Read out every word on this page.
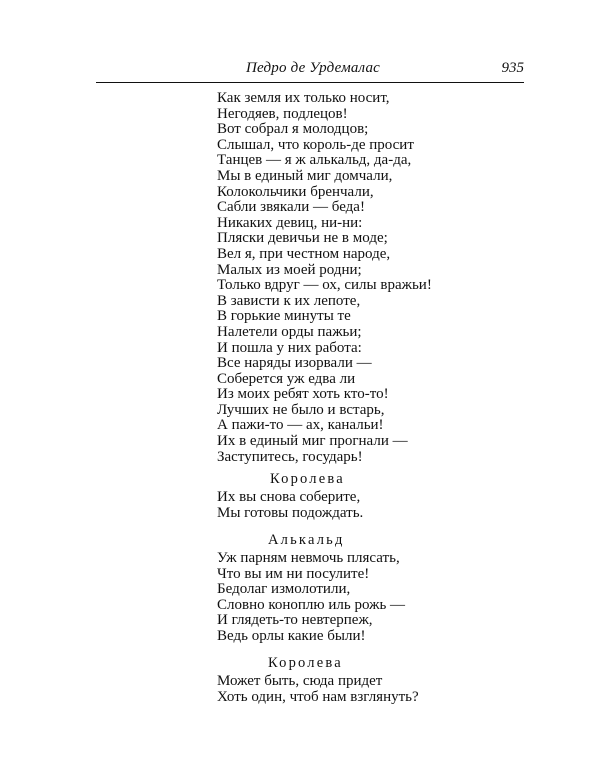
Педро де Урдемалас	935
Как земля их только носит,
Негодяев, подлецов!
Вот собрал я молодцов;
Слышал, что король-де просит
Танцев — я ж алькальд, да-да,
Мы в единый миг домчали,
Колокольчики бренчали,
Сабли звякали — беда!
Никаких девиц, ни-ни:
Пляски девичьи не в моде;
Вел я, при честном народе,
Малых из моей родни;
Только вдруг — ох, силы вражьи!
В зависти к их лепоте,
В горькие минуты те
Налетели орды пажьи;
И пошла у них работа:
Все наряды изорвали —
Соберется уж едва ли
Из моих ребят хоть кто-то!
Лучших не было и встарь,
А пажи-то — ах, канальи!
Их в единый миг прогнали —
Заступитесь, государь!
Королева
Их вы снова соберите,
Мы готовы подождать.
Алькальд
Уж парням невмочь плясать,
Что вы им ни посулите!
Бедолаг измолотили,
Словно коноплю иль рожь —
И глядеть-то невтерпеж,
Ведь орлы какие были!
Королева
Может быть, сюда придет
Хоть один, чтоб нам взглянуть?
